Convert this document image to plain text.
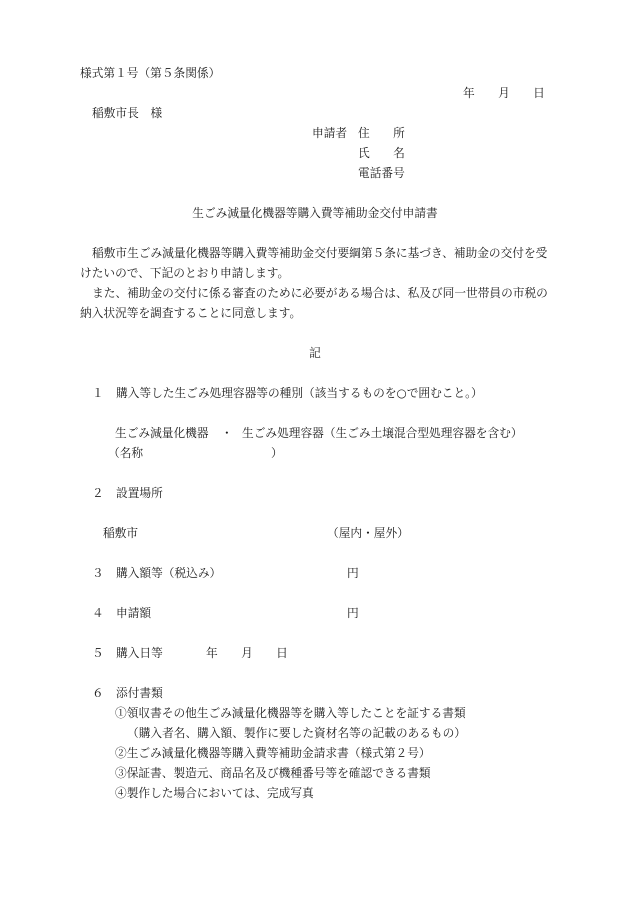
様式第１号（第５条関係）
年　　月　　日
稲敷市長　様
申請者 住　　所
氏　　名
電話番号
生ごみ減量化機器等購入費等補助金交付申請書
稲敷市生ごみ減量化機器等購入費等補助金交付要綱第５条に基づき、補助金の交付を受
けたいので、下記のとおり申請します。
また、補助金の交付に係る審査のために必要がある場合は、私及び同一世帯員の市税の
納入状況等を調査することに同意します。
記
１ 購入等した生ごみ処理容器等の種別（該当するものを○で囲むこと。）
生ごみ減量化機器 ・ 生ごみ処理容器（生ごみ土壌混合型処理容器を含む）
（名称	）
２ 設置場所
稲敷市	（屋内・屋外）
３ 購入額等（税込み）	円
４ 申請額	円
５ 購入日等	年　　月　　日
６ 添付書類
①領収書その他生ごみ減量化機器等を購入等したことを証する書類
（購入者名、購入額、製作に要した資材名等の記載のあるもの）
②生ごみ減量化機器等購入費等補助金請求書（様式第２号）
③保証書、製造元、商品名及び機種番号等を確認できる書類
④製作した場合においては、完成写真
